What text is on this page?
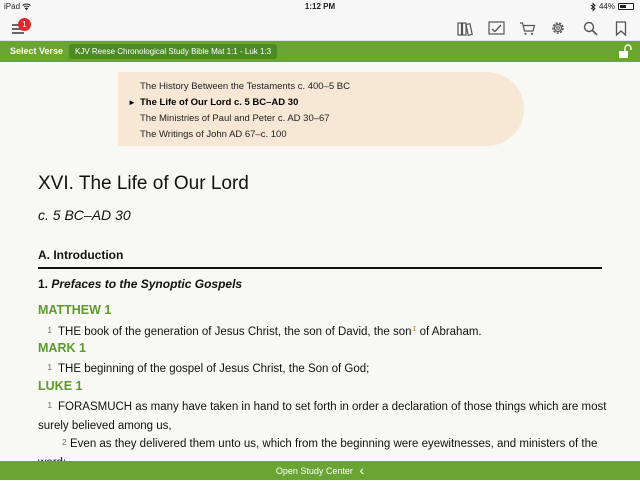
iPad	1:12 PM	44%
1
Select Verse	KJV Reese Chronological Study Bible Mat 1:1 - Luk 1:3
The History Between the Testaments c. 400–5 BC
► The Life of Our Lord c. 5 BC–AD 30
The Ministries of Paul and Peter c. AD 30–67
The Writings of John AD 67–c. 100
XVI. The Life of Our Lord
c. 5 BC–AD 30
A. Introduction
1. Prefaces to the Synoptic Gospels
MATTHEW 1
1 THE book of the generation of Jesus Christ, the son of David, the son$^1$ of Abraham.
MARK 1
1 THE beginning of the gospel of Jesus Christ, the Son of God;
LUKE 1
1 FORASMUCH as many have taken in hand to set forth in order a declaration of those things which are most surely believed among us,
2 Even as they delivered them unto us, which from the beginning were eyewitnesses, and ministers of the
Open Study Center ‹
